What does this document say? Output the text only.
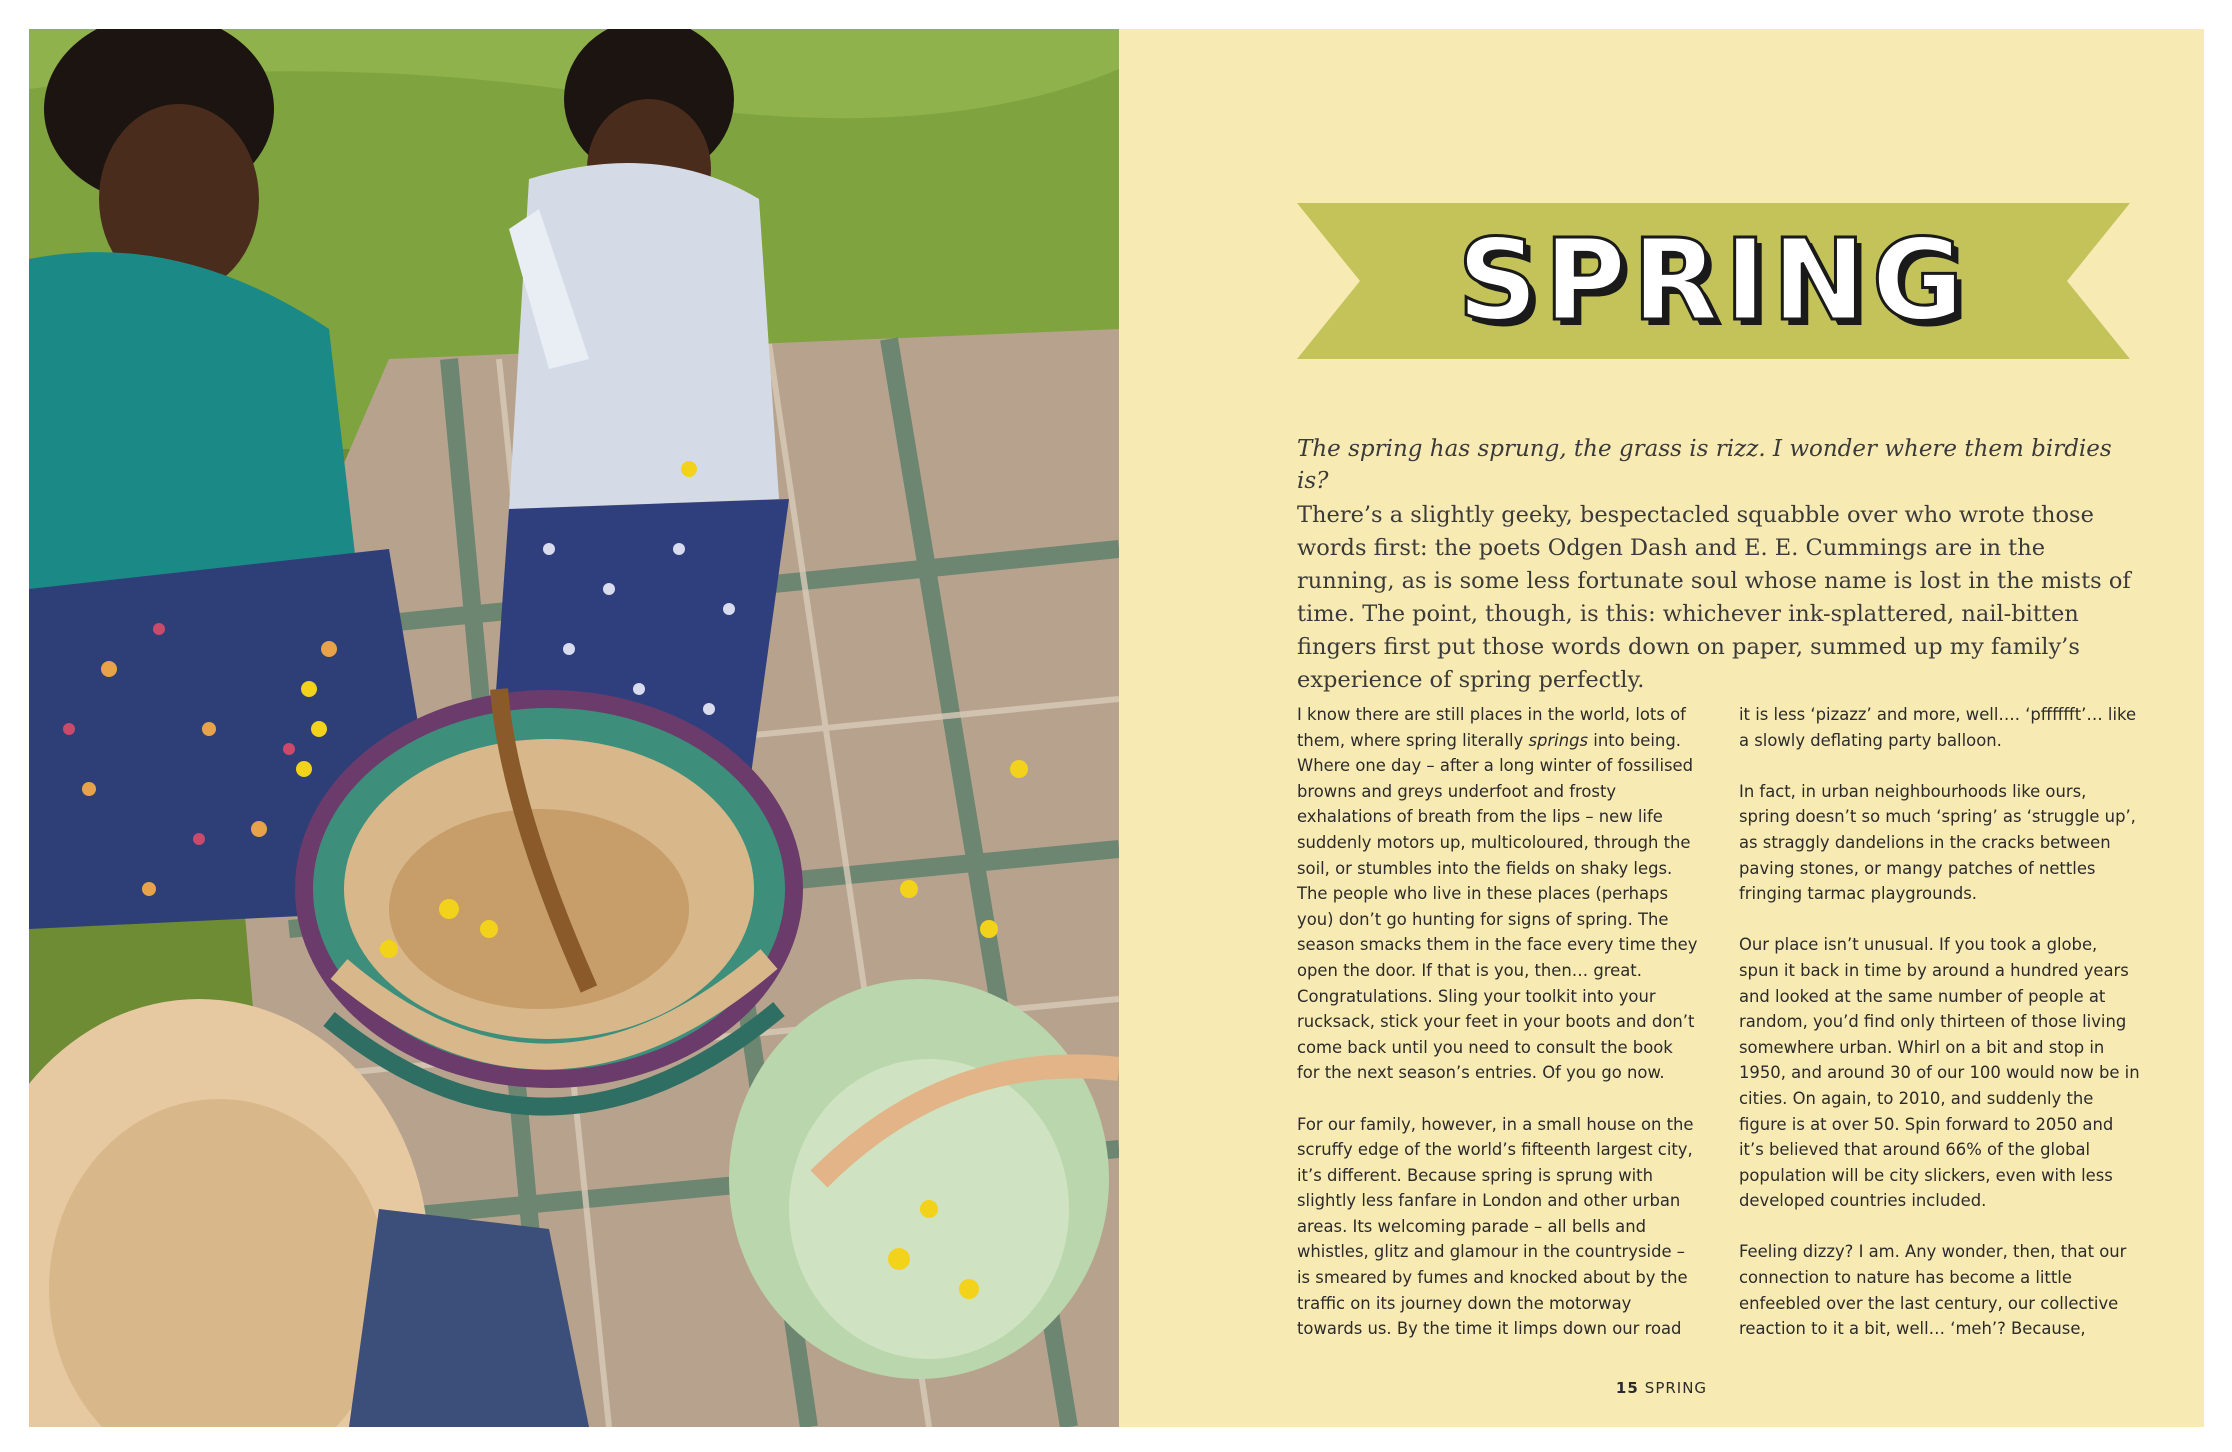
SPRING
The spring has sprung, the grass is rizz. I wonder where them birdies is?

There’s a slightly geeky, bespectacled squabble over who wrote those words first: the poets Odgen Dash and E. E. Cummings are in the running, as is some less fortunate soul whose name is lost in the mists of time. The point, though, is this: whichever ink-splattered, nail-bitten fingers first put those words down on paper, summed up my family’s experience of spring perfectly.

I know there are still places in the world, lots of them, where spring literally springs into being. Where one day – after a long winter of fossilised browns and greys underfoot and frosty exhalations of breath from the lips – new life suddenly motors up, multicoloured, through the soil, or stumbles into the fields on shaky legs. The people who live in these places (perhaps you) don’t go hunting for signs of spring. The season smacks them in the face every time they open the door. If that is you, then… great. Congratulations. Sling your toolkit into your rucksack, stick your feet in your boots and don’t come back until you need to consult the book for the next season’s entries. Of you go now.

For our family, however, in a small house on the scruffy edge of the world’s fifteenth largest city, it’s different. Because spring is sprung with slightly less fanfare in London and other urban areas. Its welcoming parade – all bells and whistles, glitz and glamour in the countryside – is smeared by fumes and knocked about by the traffic on its journey down the motorway towards us. By the time it limps down our road

it is less ‘pizazz’ and more, well…. ‘pfffffft’… like a slowly deflating party balloon.

In fact, in urban neighbourhoods like ours, spring doesn’t so much ‘spring’ as ‘struggle up’, as straggly dandelions in the cracks between paving stones, or mangy patches of nettles fringing tarmac playgrounds.

Our place isn’t unusual. If you took a globe, spun it back in time by around a hundred years and looked at the same number of people at random, you’d find only thirteen of those living somewhere urban. Whirl on a bit and stop in 1950, and around 30 of our 100 would now be in cities. On again, to 2010, and suddenly the figure is at over 50. Spin forward to 2050 and it’s believed that around 66% of the global population will be city slickers, even with less developed countries included.

Feeling dizzy? I am. Any wonder, then, that our connection to nature has become a little enfeebled over the last century, our collective reaction to it a bit, well… ‘meh’? Because,

15 SPRING
